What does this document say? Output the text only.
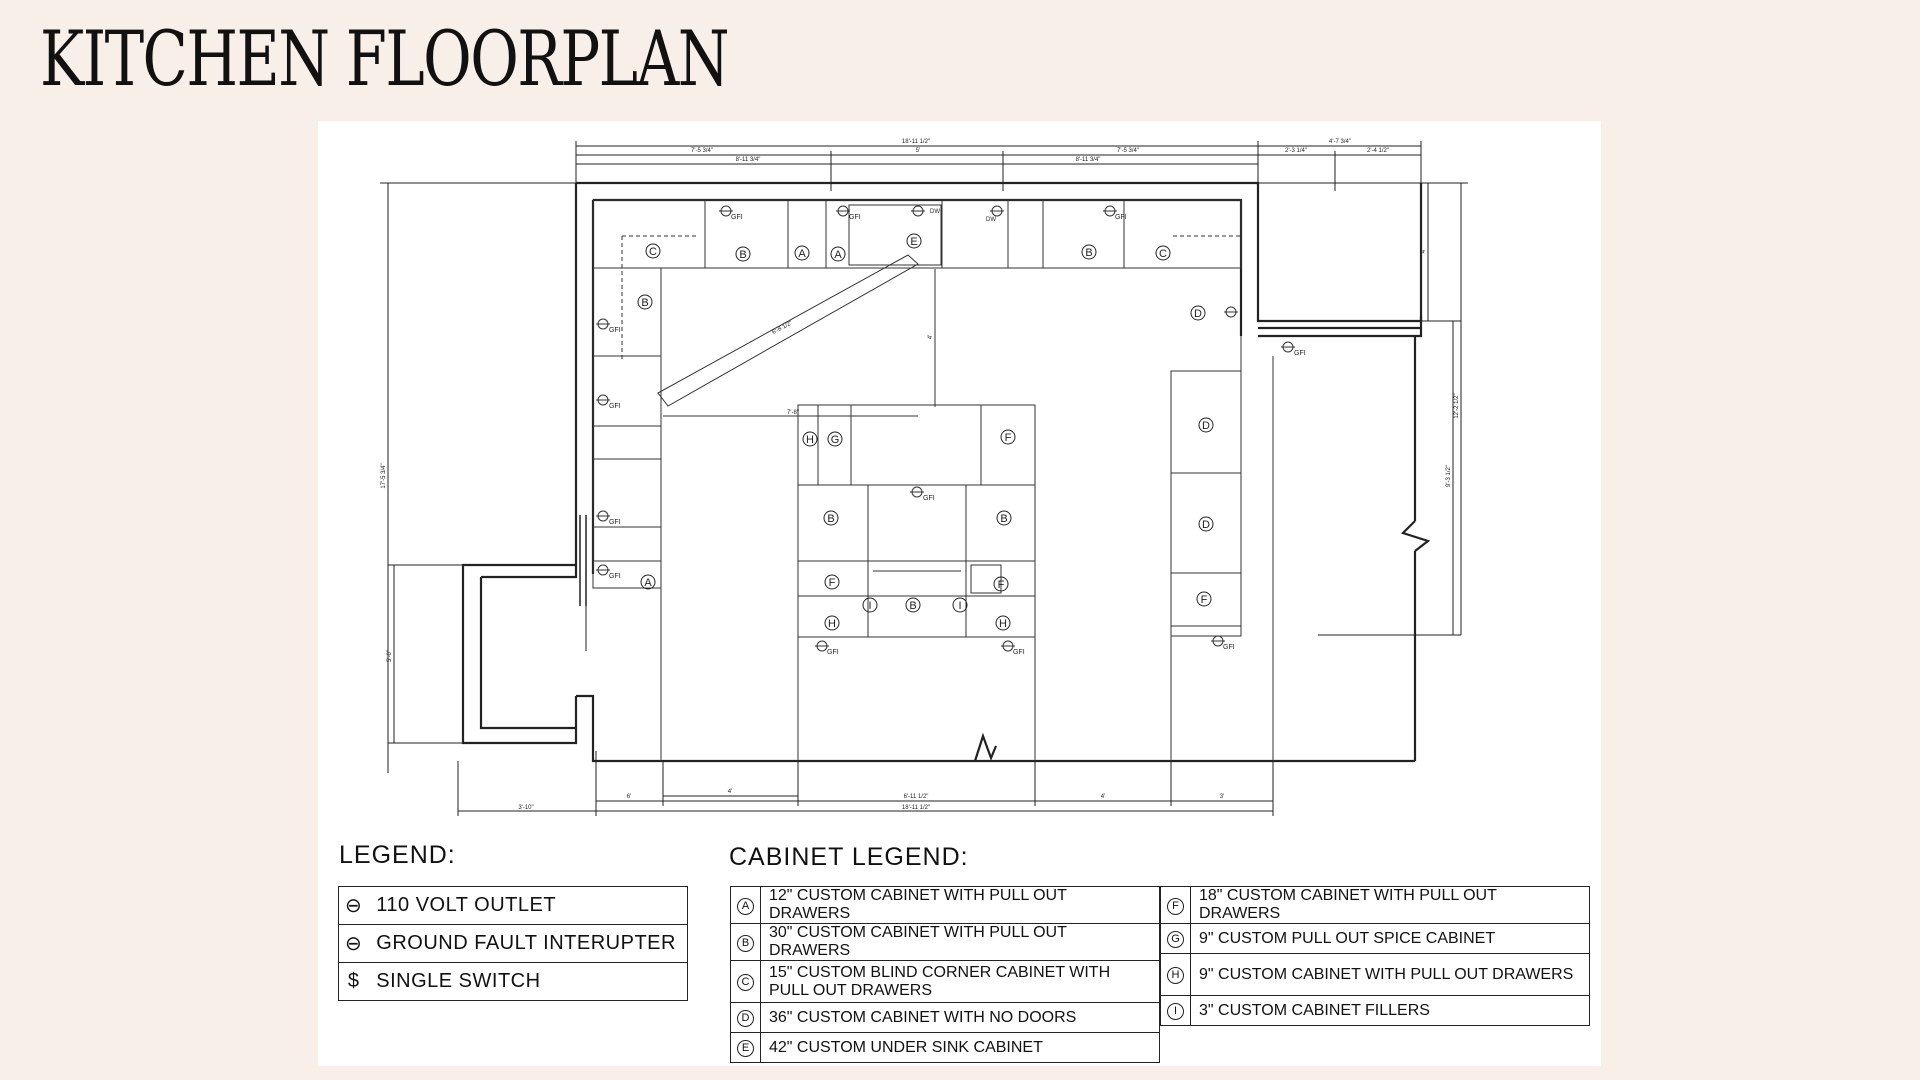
KITCHEN FLOORPLAN
GFI	GFI	GFI
GFI
GFI
GFI
GFI
GFI
GFI	GFI
GFI
GFI
DW
DW
C	B	A	A
E
B	C
B
D
A
H G	F
D
B	B	D
F	F
F
I	B	I
H	H
18'-11 1/2"
7'-5 3/4"
8'-11 3/4"
5'	7'-5 3/4"
8'-11 3/4"
4'-7 3/4"
2'-3 1/4"	2'-4 1/2"
6'-8 1/2"
7'-8"
4'
17'-5 3/4"
5'-0"
12'-2 1/2"
9'-3 1/2"
4'
3'-10"
6'
4'
6'-11 1/2"	4'	3'
18'-11 1/2"
LEGEND:
⊖	110 VOLT OUTLET
⊖	GROUND FAULT INTERUPTER
$	SINGLE SWITCH
CABINET LEGEND:
A	12" CUSTOM CABINET WITH PULL OUT DRAWERS
B	30" CUSTOM CABINET WITH PULL OUT DRAWERS
C	15" CUSTOM BLIND CORNER CABINET WITH PULL OUT DRAWERS
D	36" CUSTOM CABINET WITH NO DOORS
E	42" CUSTOM UNDER SINK CABINET
F	18" CUSTOM CABINET WITH PULL OUT DRAWERS
G	9" CUSTOM PULL OUT SPICE CABINET
H	9" CUSTOM CABINET WITH PULL OUT DRAWERS
I	3" CUSTOM CABINET FILLERS
